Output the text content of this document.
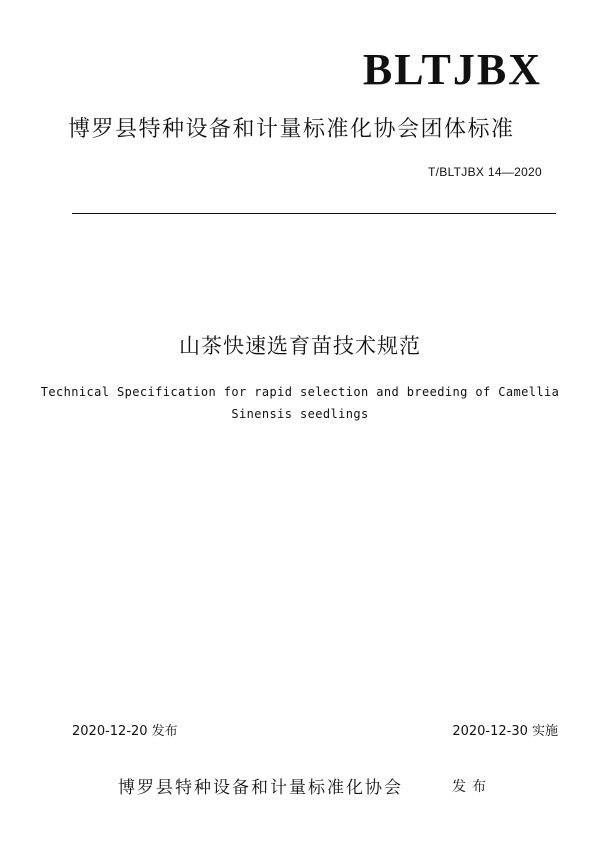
BLTJBX
博罗县特种设备和计量标准化协会团体标准
T/BLTJBX 14—2020
山茶快速选育苗技术规范
Technical Specification for rapid selection and breeding of Camellia
Sinensis seedlings
2020-12-20 发布	2020-12-30 实施
博罗县特种设备和计量标准化协会	发布
